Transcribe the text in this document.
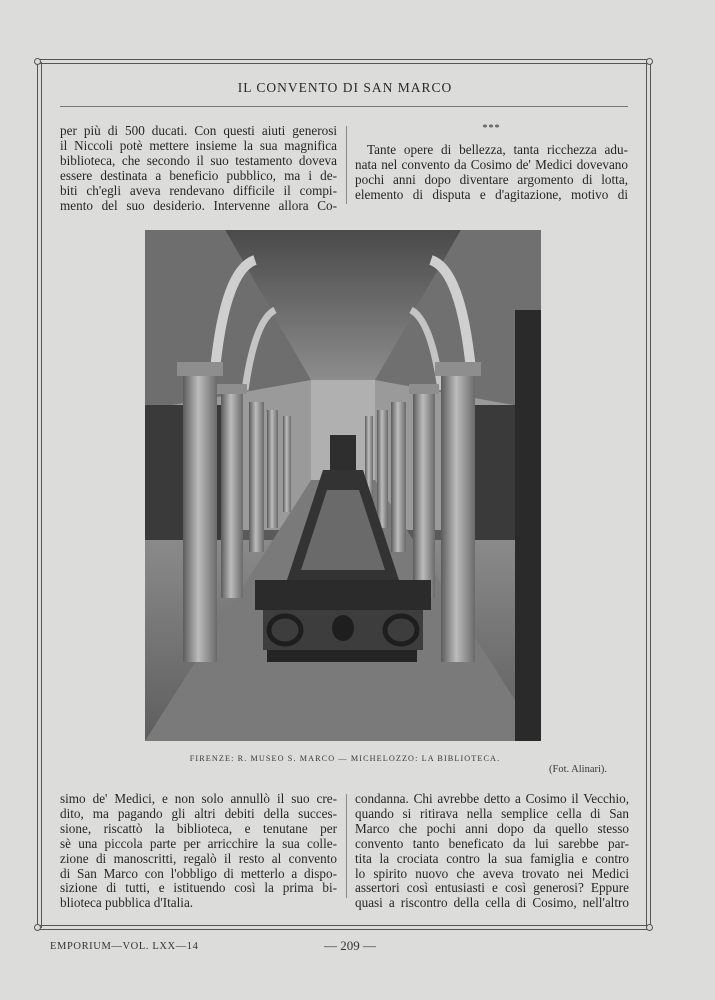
IL CONVENTO DI SAN MARCO
per più di 500 ducati. Con questi aiuti generosi
il Niccoli potè mettere insieme la sua magnifica
biblioteca, che secondo il suo testamento doveva
essere destinata a beneficio pubblico, ma i de-
biti ch'egli aveva rendevano difficile il compi-
mento del suo desiderio. Intervenne allora Co-
***
Tante opere di bellezza, tanta ricchezza adu-
nata nel convento da Cosimo de' Medici dovevano
pochi anni dopo diventare argomento di lotta,
elemento di disputa e d'agitazione, motivo di
FIRENZE: R. MUSEO S. MARCO — MICHELOZZO: LA BIBLIOTECA.
(Fot. Alinari).
simo de' Medici, e non solo annullò il suo cre-
dito, ma pagando gli altri debiti della succes-
sione, riscattò la biblioteca, e tenutane per
sè una piccola parte per arricchire la sua colle-
zione di manoscritti, regalò il resto al convento
di San Marco con l'obbligo di metterlo a dispo-
sizione di tutti, e istituendo così la prima bi-
blioteca pubblica d'Italia.
condanna. Chi avrebbe detto a Cosimo il Vecchio,
quando si ritirava nella semplice cella di San
Marco che pochi anni dopo da quello stesso
convento tanto beneficato da lui sarebbe par-
tita la crociata contro la sua famiglia e contro
lo spirito nuovo che aveva trovato nei Medici
assertori così entusiasti e così generosi? Eppure
quasi a riscontro della cella di Cosimo, nell'altro
EMPORIUM—VOL. LXX—14	— 209 —
